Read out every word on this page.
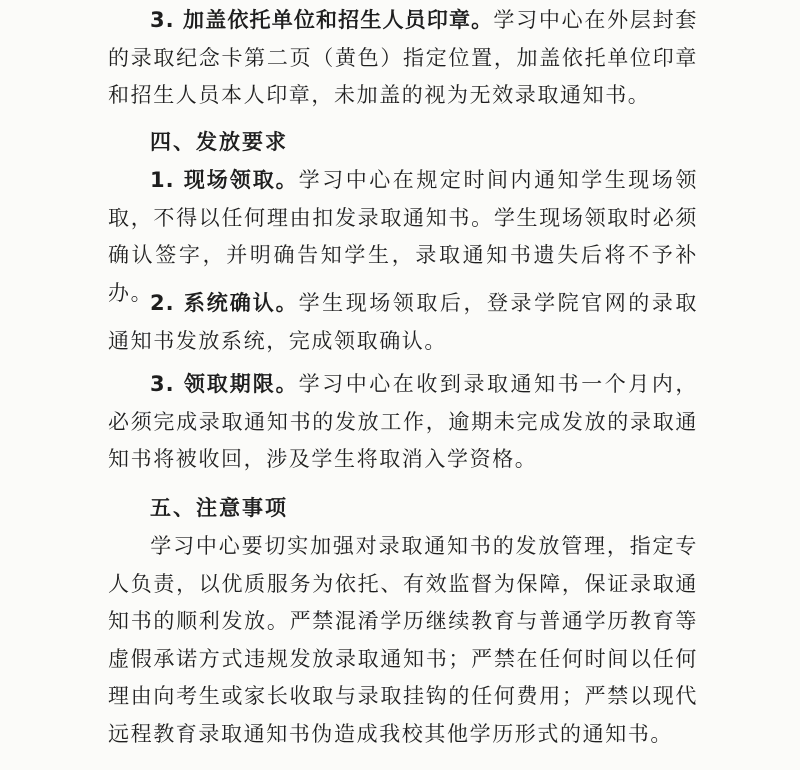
3. 加盖依托单位和招生人员印章。学习中心在外层封套的录取纪念卡第二页（黄色）指定位置，加盖依托单位印章和招生人员本人印章，未加盖的视为无效录取通知书。

四、发放要求

1. 现场领取。学习中心在规定时间内通知学生现场领取，不得以任何理由扣发录取通知书。学生现场领取时必须确认签字，并明确告知学生，录取通知书遗失后将不予补办。

2. 系统确认。学生现场领取后，登录学院官网的录取通知书发放系统，完成领取确认。

3. 领取期限。学习中心在收到录取通知书一个月内，必须完成录取通知书的发放工作，逾期未完成发放的录取通知书将被收回，涉及学生将取消入学资格。

五、注意事项

学习中心要切实加强对录取通知书的发放管理，指定专人负责，以优质服务为依托、有效监督为保障，保证录取通知书的顺利发放。严禁混淆学历继续教育与普通学历教育等虚假承诺方式违规发放录取通知书；严禁在任何时间以任何理由向考生或家长收取与录取挂钩的任何费用；严禁以现代远程教育录取通知书伪造成我校其他学历形式的通知书。
